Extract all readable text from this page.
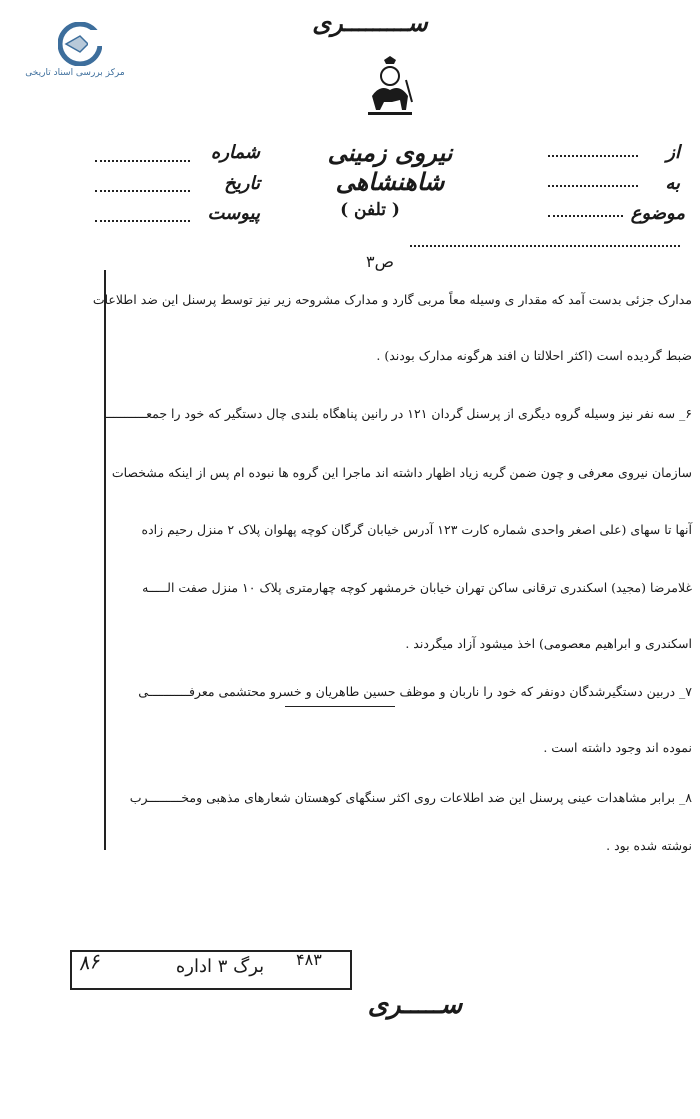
مرکز بررسی اسناد تاریخی
ســـــــــری
نیروی زمینی شاهنشاهی
( تلفن )
شماره
تاریخ
پیوست
از
به
موضوع
ص۳
مدارک جزئی بدست آمد که مقدار ی وسیله معاً مربی گارد و مدارک مشروحه زیر نیز توسط پرسنل این ضد اطلاعات
ضبط گردیده است (اکثر احلالتا ن افند هرگونه مدارک بودند) .
۶_ سه نفر نیز وسیله گروه دیگری از پرسنل گردان ۱۲۱ در رانین پناهگاه بلندی چال دستگیر که خود را جمعـــــــــــ
سازمان نیروی معرفی و چون ضمن گریه زیاد اظهار داشته اند ماجرا این گروه ها نبوده ام پس از اینکه مشخصات
آنها تا سهای (علی اصغر واحدی شماره کارت ۱۲۳ آدرس خیابان گرگان کوچه پهلوان پلاک ۲ منزل رحیم زاده
غلامرضا (مجید) اسکندری ترقانی ساکن تهران خیابان خرمشهر کوچه چهارمتری پلاک ۱۰ منزل صفت الـــــه
اسکندری و ابراهیم معصومی) اخذ میشود آزاد میگردند .
۷_ دربین دستگیرشدگان دونفر که خود را ناربان و موظف حسین طاهریان و خسرو محتشمی معرفـــــــــــی
نموده اند وجود داشته است .
۸_ برابر مشاهدات عینی پرسنل این ضد اطلاعات روی اکثر سنگهای کوهستان شعارهای مذهبی ومخـــــــــرب
نوشته شده بود .
برگ ۳ اداره	۴۸۳
۸۶
ســـــری
